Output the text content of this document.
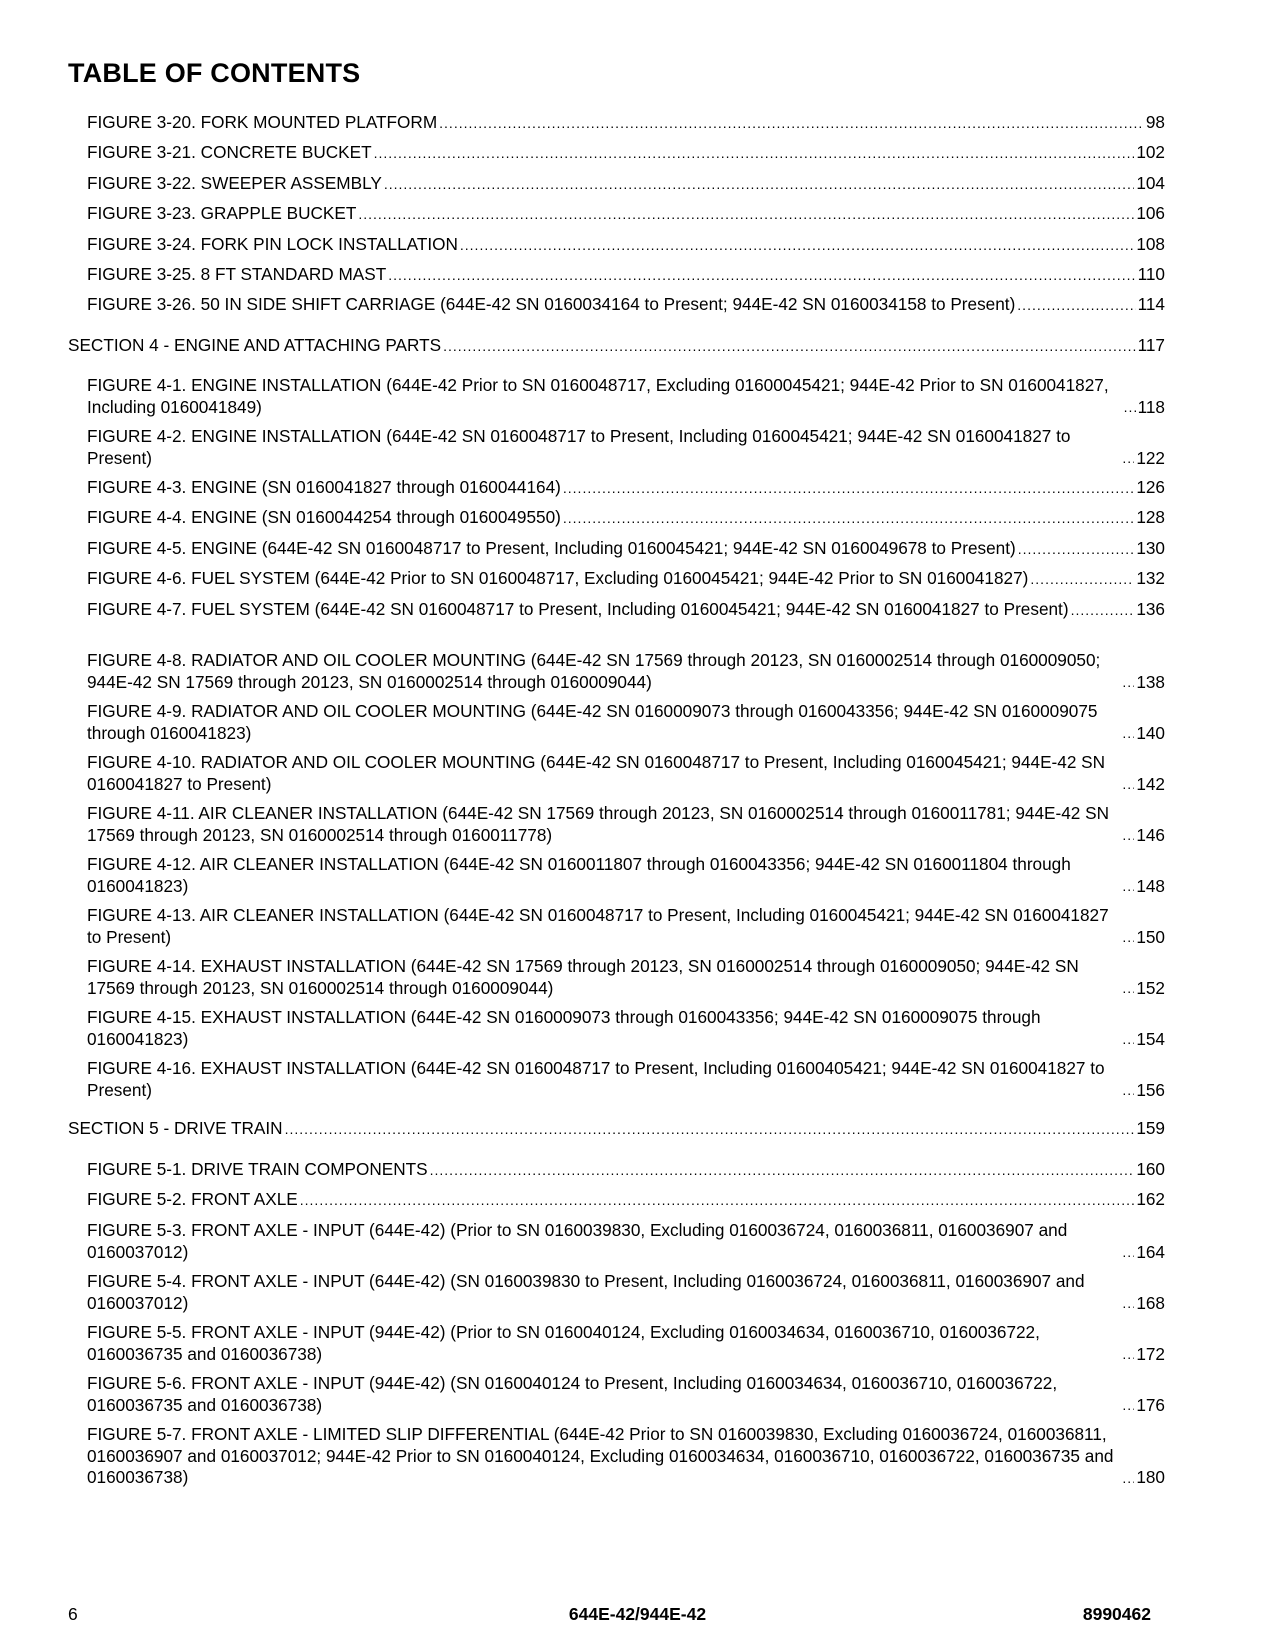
TABLE OF CONTENTS
FIGURE 3-20. FORK MOUNTED PLATFORM .....	98
FIGURE 3-21. CONCRETE BUCKET .....	102
FIGURE 3-22. SWEEPER ASSEMBLY .....	104
FIGURE 3-23. GRAPPLE BUCKET .....	106
FIGURE 3-24. FORK PIN LOCK INSTALLATION .....	108
FIGURE 3-25. 8 FT STANDARD MAST .....	110
FIGURE 3-26. 50 IN SIDE SHIFT CARRIAGE (644E-42 SN 0160034164 to Present; 944E-42 SN 0160034158 to Present) .....	114
SECTION 4 - ENGINE AND ATTACHING PARTS .....	117
FIGURE 4-1. ENGINE INSTALLATION (644E-42 Prior to SN 0160048717, Excluding 01600045421; 944E-42 Prior to SN 0160041827, Including 0160041849) .....	118
FIGURE 4-2. ENGINE INSTALLATION (644E-42 SN 0160048717 to Present, Including 0160045421; 944E-42 SN 0160041827 to Present) .....	122
FIGURE 4-3. ENGINE (SN 0160041827 through 0160044164) .....	126
FIGURE 4-4. ENGINE (SN 0160044254 through 0160049550) .....	128
FIGURE 4-5. ENGINE (644E-42 SN 0160048717 to Present, Including 0160045421; 944E-42 SN 0160049678 to Present) .....	130
FIGURE 4-6. FUEL SYSTEM (644E-42 Prior to SN 0160048717, Excluding 0160045421; 944E-42 Prior to SN 0160041827) .....	132
FIGURE 4-7. FUEL SYSTEM (644E-42 SN 0160048717 to Present, Including 0160045421; 944E-42 SN 0160041827 to Present) .....	136
FIGURE 4-8. RADIATOR AND OIL COOLER MOUNTING (644E-42 SN 17569 through 20123, SN 0160002514 through 0160009050; 944E-42 SN 17569 through 20123, SN 0160002514 through 0160009044) .....	138
FIGURE 4-9. RADIATOR AND OIL COOLER MOUNTING (644E-42 SN 0160009073 through 0160043356; 944E-42 SN 0160009075 through 0160041823) .....	140
FIGURE 4-10. RADIATOR AND OIL COOLER MOUNTING (644E-42 SN 0160048717 to Present, Including 0160045421; 944E-42 SN 0160041827 to Present) .....	142
FIGURE 4-11. AIR CLEANER INSTALLATION (644E-42 SN 17569 through 20123, SN 0160002514 through 0160011781; 944E-42 SN 17569 through 20123, SN 0160002514 through 0160011778) .....	146
FIGURE 4-12. AIR CLEANER INSTALLATION (644E-42 SN 0160011807 through 0160043356; 944E-42 SN 0160011804 through 0160041823) .....	148
FIGURE 4-13. AIR CLEANER INSTALLATION (644E-42 SN 0160048717 to Present, Including 0160045421; 944E-42 SN 0160041827 to Present) .....	150
FIGURE 4-14. EXHAUST INSTALLATION (644E-42 SN 17569 through 20123, SN 0160002514 through 0160009050; 944E-42 SN 17569 through 20123, SN 0160002514 through 0160009044) .....	152
FIGURE 4-15. EXHAUST INSTALLATION (644E-42 SN 0160009073 through 0160043356; 944E-42 SN 0160009075 through 0160041823) .....	154
FIGURE 4-16. EXHAUST INSTALLATION (644E-42 SN 0160048717 to Present, Including 01600405421; 944E-42 SN 0160041827 to Present) .....	156
SECTION 5 - DRIVE TRAIN .....	159
FIGURE 5-1. DRIVE TRAIN COMPONENTS .....	160
FIGURE 5-2. FRONT AXLE .....	162
FIGURE 5-3. FRONT AXLE - INPUT (644E-42) (Prior to SN 0160039830, Excluding 0160036724, 0160036811, 0160036907 and 0160037012) .....	164
FIGURE 5-4. FRONT AXLE - INPUT (644E-42) (SN 0160039830 to Present, Including 0160036724, 0160036811, 0160036907 and 0160037012) .....	168
FIGURE 5-5. FRONT AXLE - INPUT (944E-42) (Prior to SN 0160040124, Excluding 0160034634, 0160036710, 0160036722, 0160036735 and 0160036738) .....	172
FIGURE 5-6. FRONT AXLE - INPUT (944E-42) (SN 0160040124 to Present, Including 0160034634, 0160036710, 0160036722, 0160036735 and 0160036738) .....	176
FIGURE 5-7. FRONT AXLE - LIMITED SLIP DIFFERENTIAL (644E-42 Prior to SN 0160039830, Excluding 0160036724, 0160036811, 0160036907 and 0160037012; 944E-42 Prior to SN 0160040124, Excluding 0160034634, 0160036710, 0160036722, 0160036735 and 0160036738) .....	180
6	644E-42/944E-42	8990462
